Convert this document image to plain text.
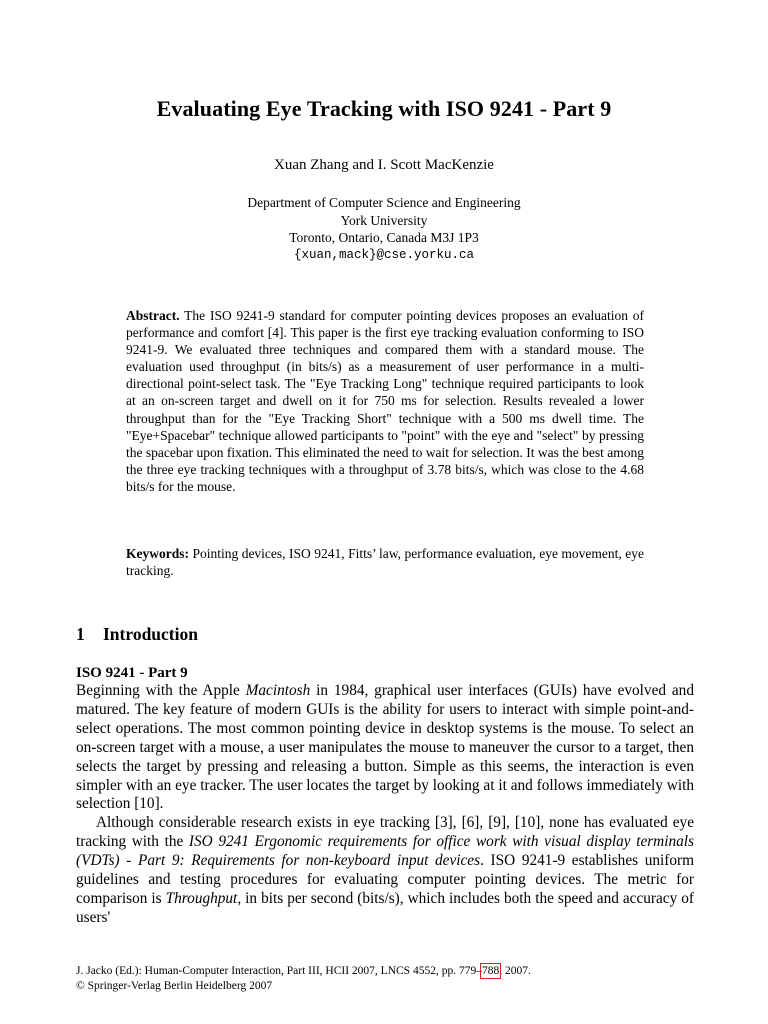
Evaluating Eye Tracking with ISO 9241 - Part 9
Xuan Zhang and I. Scott MacKenzie
Department of Computer Science and Engineering
York University
Toronto, Ontario, Canada M3J 1P3
{xuan,mack}@cse.yorku.ca
Abstract. The ISO 9241-9 standard for computer pointing devices proposes an evaluation of performance and comfort [4]. This paper is the first eye tracking evaluation conforming to ISO 9241-9. We evaluated three techniques and compared them with a standard mouse. The evaluation used throughput (in bits/s) as a measurement of user performance in a multi-directional point-select task. The "Eye Tracking Long" technique required participants to look at an on-screen target and dwell on it for 750 ms for selection. Results revealed a lower throughput than for the "Eye Tracking Short" technique with a 500 ms dwell time. The "Eye+Spacebar" technique allowed participants to "point" with the eye and "select" by pressing the spacebar upon fixation. This eliminated the need to wait for selection. It was the best among the three eye tracking techniques with a throughput of 3.78 bits/s, which was close to the 4.68 bits/s for the mouse.
Keywords: Pointing devices, ISO 9241, Fitts’ law, performance evaluation, eye movement, eye tracking.
1 Introduction
ISO 9241 - Part 9

Beginning with the Apple Macintosh in 1984, graphical user interfaces (GUIs) have evolved and matured. The key feature of modern GUIs is the ability for users to interact with simple point-and-select operations. The most common pointing device in desktop systems is the mouse. To select an on-screen target with a mouse, a user manipulates the mouse to maneuver the cursor to a target, then selects the target by pressing and releasing a button. Simple as this seems, the interaction is even simpler with an eye tracker. The user locates the target by looking at it and follows immediately with selection [10].

Although considerable research exists in eye tracking [3], [6], [9], [10], none has evaluated eye tracking with the ISO 9241 Ergonomic requirements for office work with visual display terminals (VDTs) - Part 9: Requirements for non-keyboard input devices. ISO 9241-9 establishes uniform guidelines and testing procedures for evaluating computer pointing devices. The metric for comparison is Throughput, in bits per second (bits/s), which includes both the speed and accuracy of users'

J. Jacko (Ed.): Human-Computer Interaction, Part III, HCII 2007, LNCS 4552, pp. 779–788, 2007.
© Springer-Verlag Berlin Heidelberg 2007
